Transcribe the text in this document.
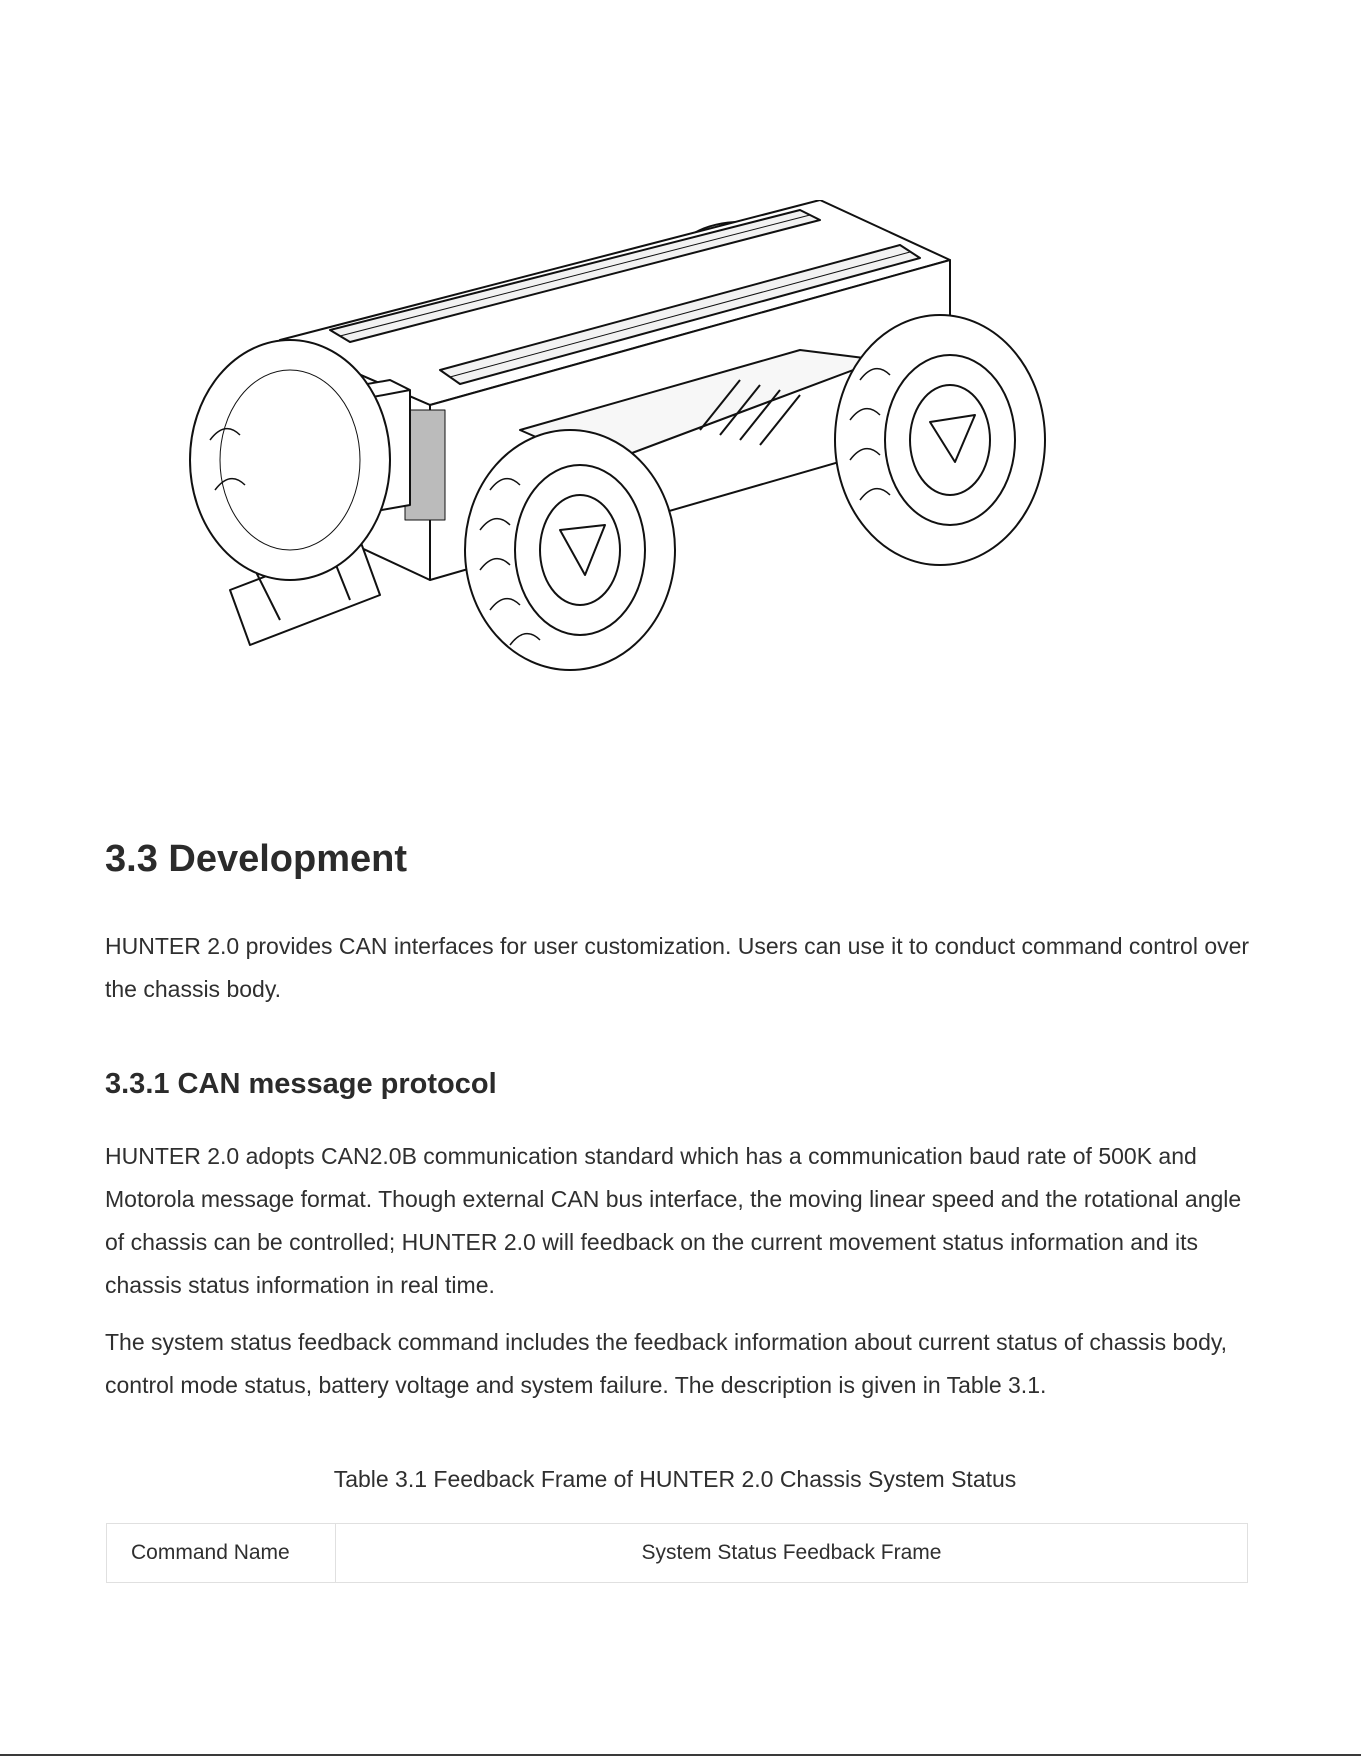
3.3 Development

HUNTER 2.0 provides CAN interfaces for user customization. Users can use it to conduct command control over the chassis body.

3.3.1 CAN message protocol

HUNTER 2.0 adopts CAN2.0B communication standard which has a communication baud rate of 500K and Motorola message format. Though external CAN bus interface, the moving linear speed and the rotational angle of chassis can be controlled; HUNTER 2.0 will feedback on the current movement status information and its chassis status information in real time.

The system status feedback command includes the feedback information about current status of chassis body, control mode status, battery voltage and system failure. The description is given in Table 3.1.

Table 3.1 Feedback Frame of HUNTER 2.0 Chassis System Status

Command Name	System Status Feedback Frame
